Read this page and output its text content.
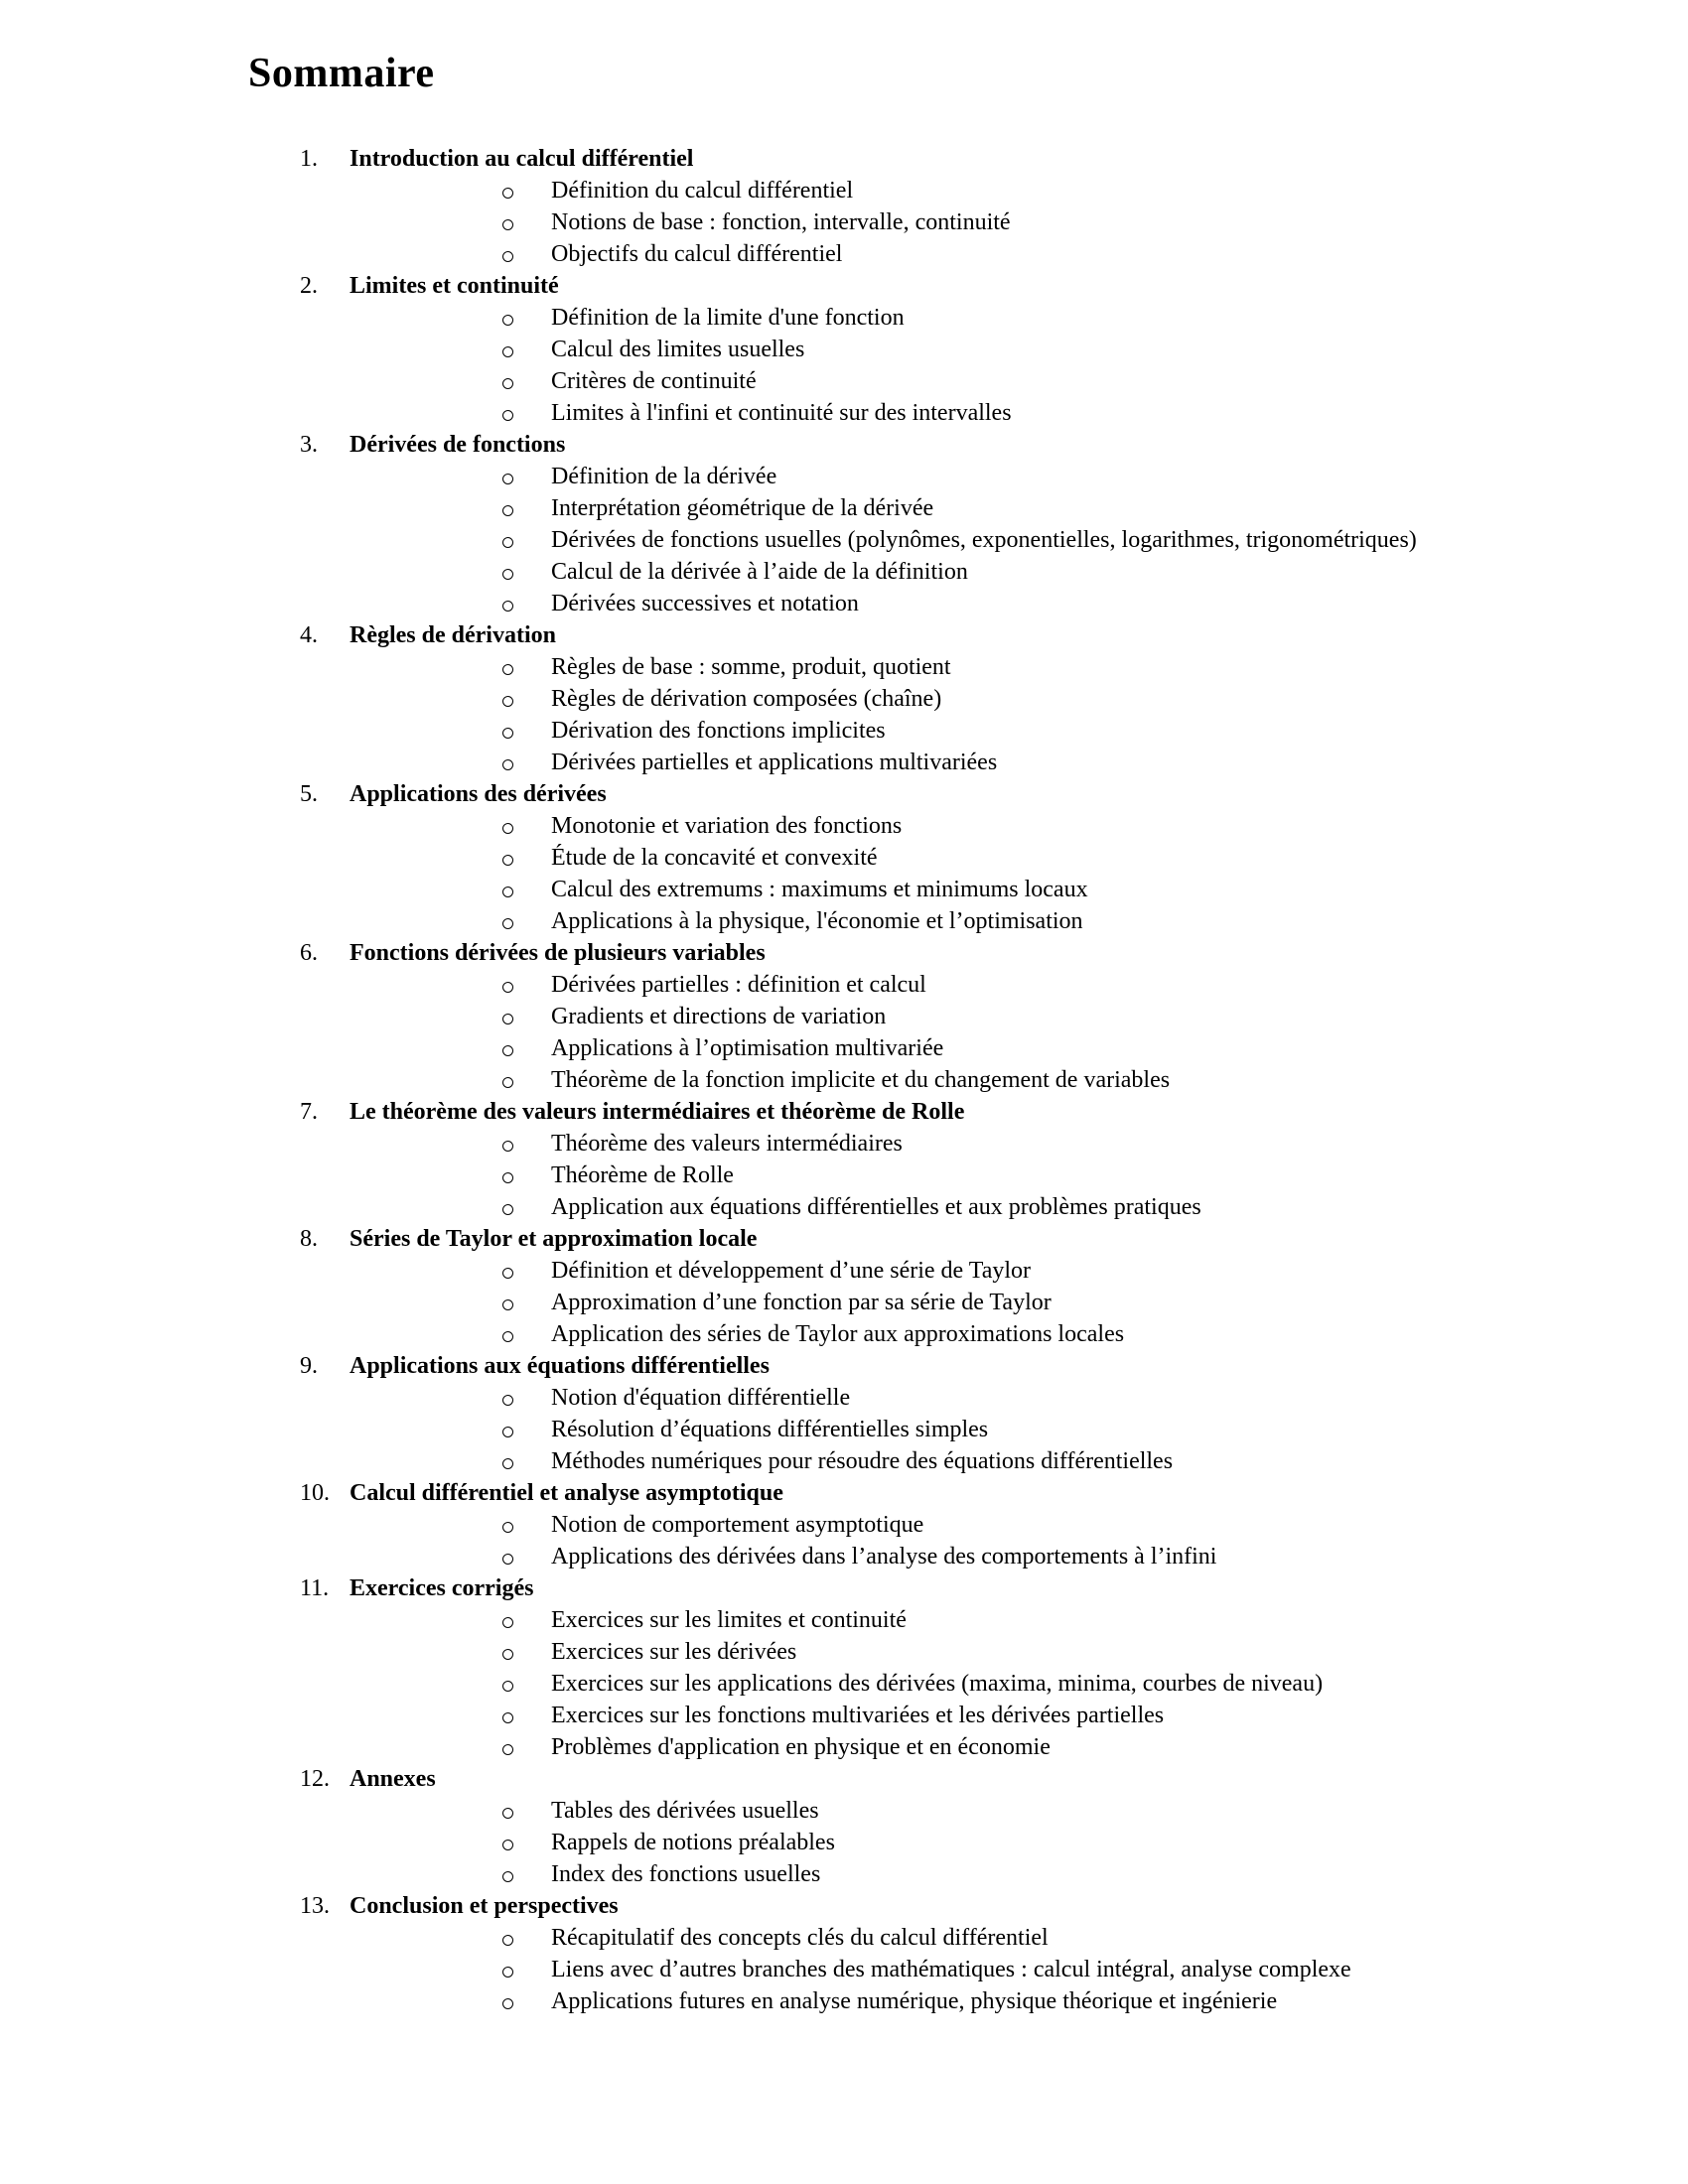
Sommaire
1. Introduction au calcul différentiel
Définition du calcul différentiel
Notions de base : fonction, intervalle, continuité
Objectifs du calcul différentiel
2. Limites et continuité
Définition de la limite d'une fonction
Calcul des limites usuelles
Critères de continuité
Limites à l'infini et continuité sur des intervalles
3. Dérivées de fonctions
Définition de la dérivée
Interprétation géométrique de la dérivée
Dérivées de fonctions usuelles (polynômes, exponentielles, logarithmes, trigonométriques)
Calcul de la dérivée à l’aide de la définition
Dérivées successives et notation
4. Règles de dérivation
Règles de base : somme, produit, quotient
Règles de dérivation composées (chaîne)
Dérivation des fonctions implicites
Dérivées partielles et applications multivariées
5. Applications des dérivées
Monotonie et variation des fonctions
Étude de la concavité et convexité
Calcul des extremums : maximums et minimums locaux
Applications à la physique, l'économie et l’optimisation
6. Fonctions dérivées de plusieurs variables
Dérivées partielles : définition et calcul
Gradients et directions de variation
Applications à l’optimisation multivariée
Théorème de la fonction implicite et du changement de variables
7. Le théorème des valeurs intermédiaires et théorème de Rolle
Théorème des valeurs intermédiaires
Théorème de Rolle
Application aux équations différentielles et aux problèmes pratiques
8. Séries de Taylor et approximation locale
Définition et développement d’une série de Taylor
Approximation d’une fonction par sa série de Taylor
Application des séries de Taylor aux approximations locales
9. Applications aux équations différentielles
Notion d'équation différentielle
Résolution d’équations différentielles simples
Méthodes numériques pour résoudre des équations différentielles
10. Calcul différentiel et analyse asymptotique
Notion de comportement asymptotique
Applications des dérivées dans l’analyse des comportements à l’infini
11. Exercices corrigés
Exercices sur les limites et continuité
Exercices sur les dérivées
Exercices sur les applications des dérivées (maxima, minima, courbes de niveau)
Exercices sur les fonctions multivariées et les dérivées partielles
Problèmes d'application en physique et en économie
12. Annexes
Tables des dérivées usuelles
Rappels de notions préalables
Index des fonctions usuelles
13. Conclusion et perspectives
Récapitulatif des concepts clés du calcul différentiel
Liens avec d’autres branches des mathématiques : calcul intégral, analyse complexe
Applications futures en analyse numérique, physique théorique et ingénierie
